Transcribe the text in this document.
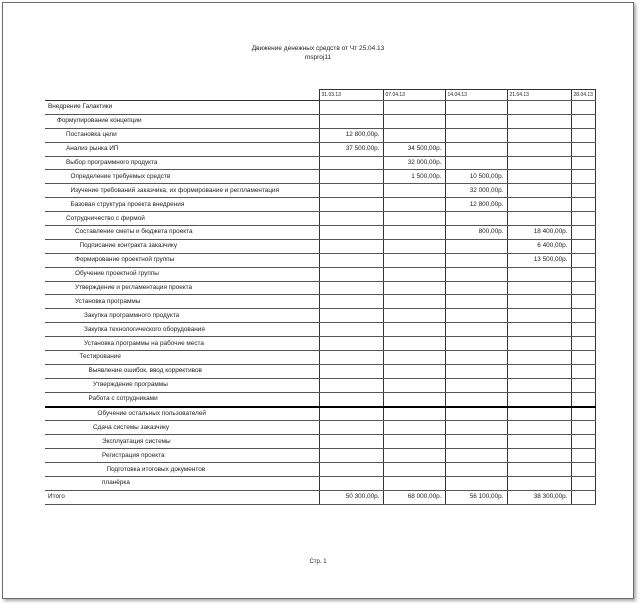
Движение денежных средств от Чт 25.04.13
msproj11
	31.03.13	07.04.13	14.04.13	21.04.13	28.04.13
Внедрение Галактики					
Формулирование концепции					
Постановка цели	12 800,00р.				
Анализ рынка ИП	37 500,00р.	34 500,00р.			
Выбор программного продукта		32 000,00р.			
Определение требуемых средств		1 500,00р.	10 500,00р.		
Изучение требований заказчика, их формирование и реглламентация			32 000,00р.		
Базовая структура проекта внедрения			12 800,00р.		
Сотрудничество с фирмой					
Составление сметы и бюджета проекта			800,00р.	18 400,00р.	
Подписание контракта заказчику				6 400,00р.	
Формирование проектной группы				13 500,00р.	
Обучение проектной группы					
Утверждение и регламентация проекта					
Установка программы					
Закупка программного продукта					
Закупка технологического оборудования					
Установка программы на рабочие места					
Тестирование					
Выявление ошибок, ввод коррективов					
Утверждение программы					
Работа с сотрудниками					
Обучение остальных пользователей					
Сдача системы заказчику					
Эксплуатация системы					
Регистрация проекта					
Подготовка итоговых документов					
планёрка					
Итого	50 300,00р.	68 000,00р.	56 100,00р.	38 300,00р.	
Стр. 1
